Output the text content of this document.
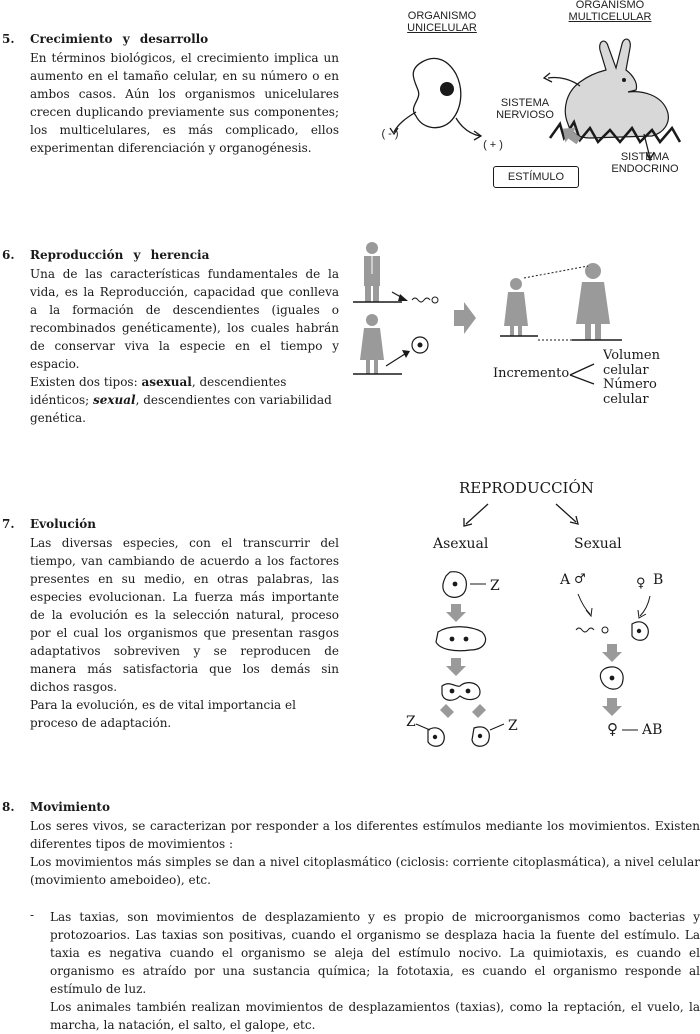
5. Crecimiento y desarrollo
En términos biológicos, el crecimiento implica un aumento en el tamaño celular, en su número o en ambos casos. Aún los organismos unicelulares crecen duplicando previamente sus componentes; los multicelulares, es más complicado, ellos experimentan diferenciación y organogénesis.
ORGANISMO
UNICELULAR
ORGANISMO
MULTICELULAR
( - )
( + )
SISTEMA
NERVIOSO
SISTEMA
ENDOCRINO
ESTÍMULO
6. Reproducción y herencia

Una de las características fundamentales de la vida, es la Reproducción, capacidad que conlleva a la formación de descendientes (iguales o recombinados genéticamente), los cuales habrán de conservar viva la especie en el tiempo y espacio.

Existen dos tipos: asexual, descendientes idénticos; sexual, descendientes con variabilidad genética.

Incremento
Volumen celular
Número celular
7. Evolución

Las diversas especies, con el transcurrir del tiempo, van cambiando de acuerdo a los factores presentes en su medio, en otras palabras, las especies evolucionan. La fuerza más importante de la evolución es la selección natural, proceso por el cual los organismos que presentan rasgos adaptativos sobreviven y se reproducen de manera más satisfactoria que los demás sin dichos rasgos.

Para la evolución, es de vital importancia el proceso de adaptación.

REPRODUCCIÓN
Asexual	Sexual
Z
Z	Z
A ♂	♀ B
♀ AB
8. Movimiento

Los seres vivos, se caracterizan por responder a los diferentes estímulos mediante los movimientos. Existen diferentes tipos de movimientos :

Los movimientos más simples se dan a nivel citoplasmático (ciclosis: corriente citoplasmática), a nivel celular (movimiento ameboideo), etc.

- Las taxias, son movimientos de desplazamiento y es propio de microorganismos como bacterias y protozoarios. Las taxias son positivas, cuando el organismo se desplaza hacia la fuente del estímulo. La taxia es negativa cuando el organismo se aleja del estímulo nocivo. La quimiotaxis, es cuando el organismo es atraído por una sustancia química; la fototaxia, es cuando el organismo responde al estímulo de luz.

Los animales también realizan movimientos de desplazamientos (taxias), como la reptación, el vuelo, la marcha, la natación, el salto, el galope, etc.
